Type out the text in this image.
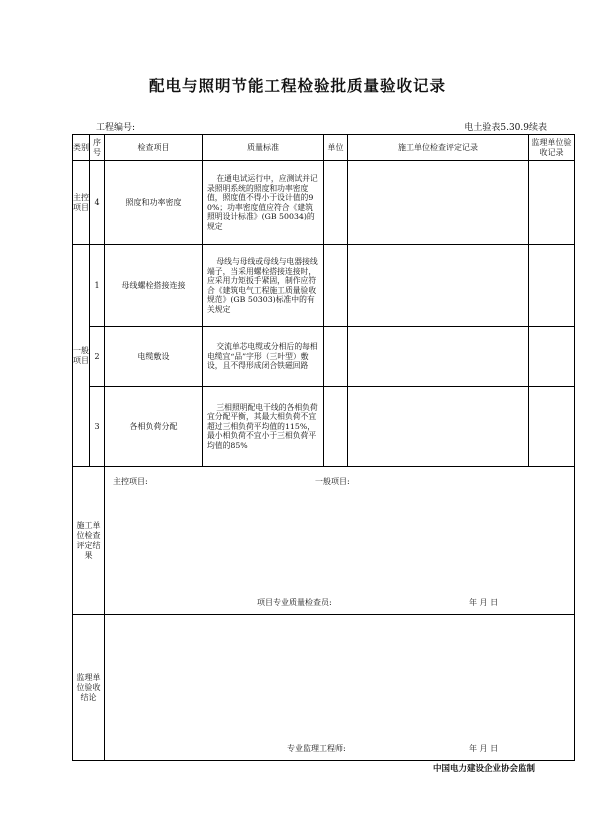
配电与照明节能工程检验批质量验收记录
工程编号:	电土验表5.30.9续表
类别	序号	检查项目	质量标准	单位	施工单位检查评定记录	监理单位验收记录
主控项目	4	照度和功率密度	在通电试运行中，应测试并记录照明系统的照度和功率密度值，照度值不得小于设计值的90%；功率密度值应符合《建筑照明设计标准》(GB 50034)的规定			
一般项目	1	母线螺栓搭接连接	母线与母线或母线与电器接线端子，当采用螺栓搭接连接时，应采用力矩扳手紧固，制作应符合《建筑电气工程施工质量验收规范》(GB 50303)标准中的有关规定			
	2	电缆敷设	交流单芯电缆或分相后的每相电缆宜“品”字形（三叶型）敷设，且不得形成闭合铁磁回路			
	3	各相负荷分配	三相照明配电干线的各相负荷宜分配平衡，其最大相负荷不宜超过三相负荷平均值的115%，最小相负荷不宜小于三相负荷平均值的85%			
施工单位检查评定结果		主控项目: 一般项目:
项目专业质量检查员: 年 月 日				

监理单位验收结论		专业监理工程师: 年 月 日				
中国电力建设企业协会监制
